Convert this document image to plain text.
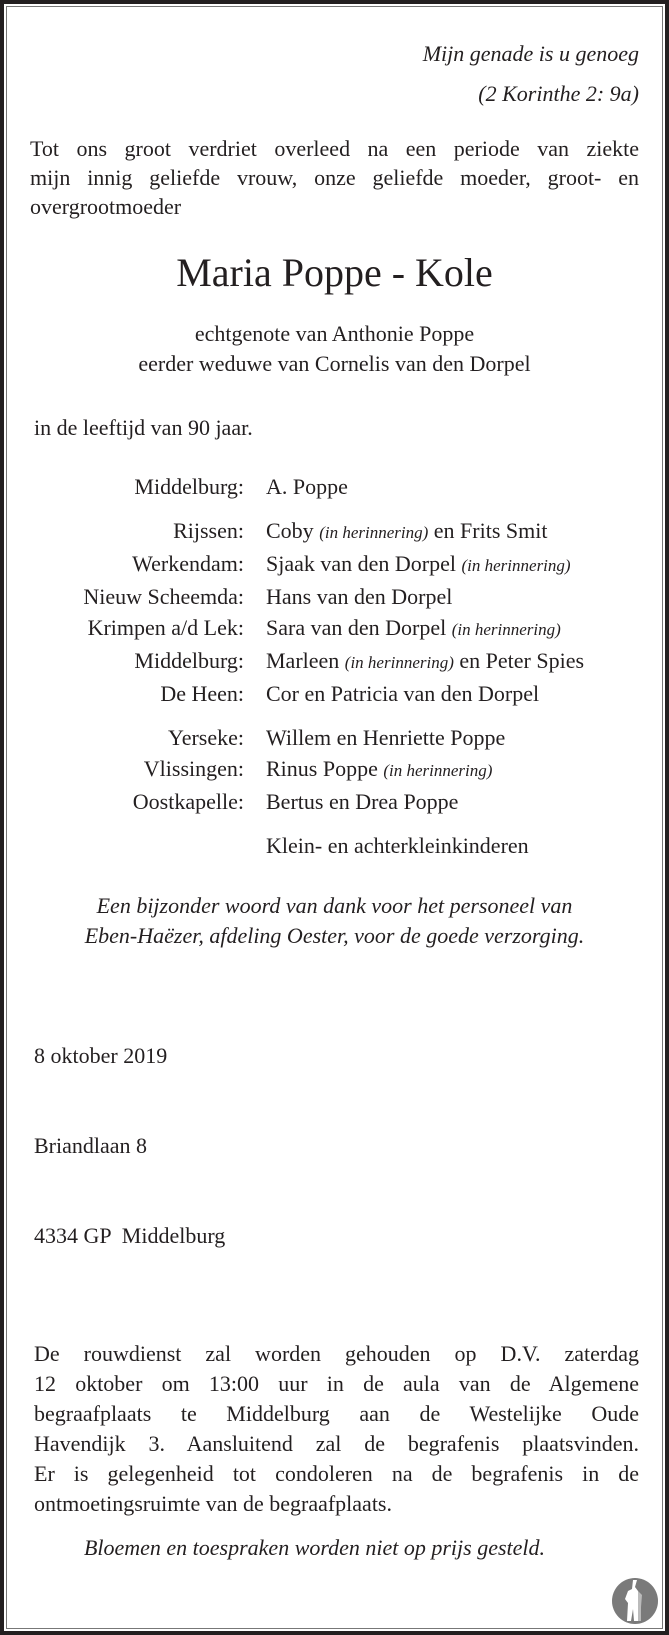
Mijn genade is u genoeg
(2 Korinthe 2: 9a)
Tot ons groot verdriet overleed na een periode van ziekte
mijn innig geliefde vrouw, onze geliefde moeder, groot- en
overgrootmoeder
Maria Poppe - Kole
echtgenote van Anthonie Poppe
eerder weduwe van Cornelis van den Dorpel
in de leeftijd van 90 jaar.
Middelburg: A. Poppe
Rijssen: Coby (in herinnering) en Frits Smit
Werkendam: Sjaak van den Dorpel (in herinnering)
Nieuw Scheemda: Hans van den Dorpel
Krimpen a/d Lek: Sara van den Dorpel (in herinnering)
Middelburg: Marleen (in herinnering) en Peter Spies
De Heen: Cor en Patricia van den Dorpel
Yerseke: Willem en Henriette Poppe
Vlissingen: Rinus Poppe (in herinnering)
Oostkapelle: Bertus en Drea Poppe
Klein- en achterkleinkinderen
Een bijzonder woord van dank voor het personeel van
Eben-Haëzer, afdeling Oester, voor de goede verzorging.

8 oktober 2019

Briandlaan 8

4334 GP  Middelburg

De rouwdienst zal worden gehouden op D.V. zaterdag
12 oktober om 13:00 uur in de aula van de Algemene
begraafplaats te Middelburg aan de Westelijke Oude
Havendijk 3. Aansluitend zal de begrafenis plaatsvinden.
Er is gelegenheid tot condoleren na de begrafenis in de
ontmoetingsruimte van de begraafplaats.
Bloemen en toespraken worden niet op prijs gesteld.
